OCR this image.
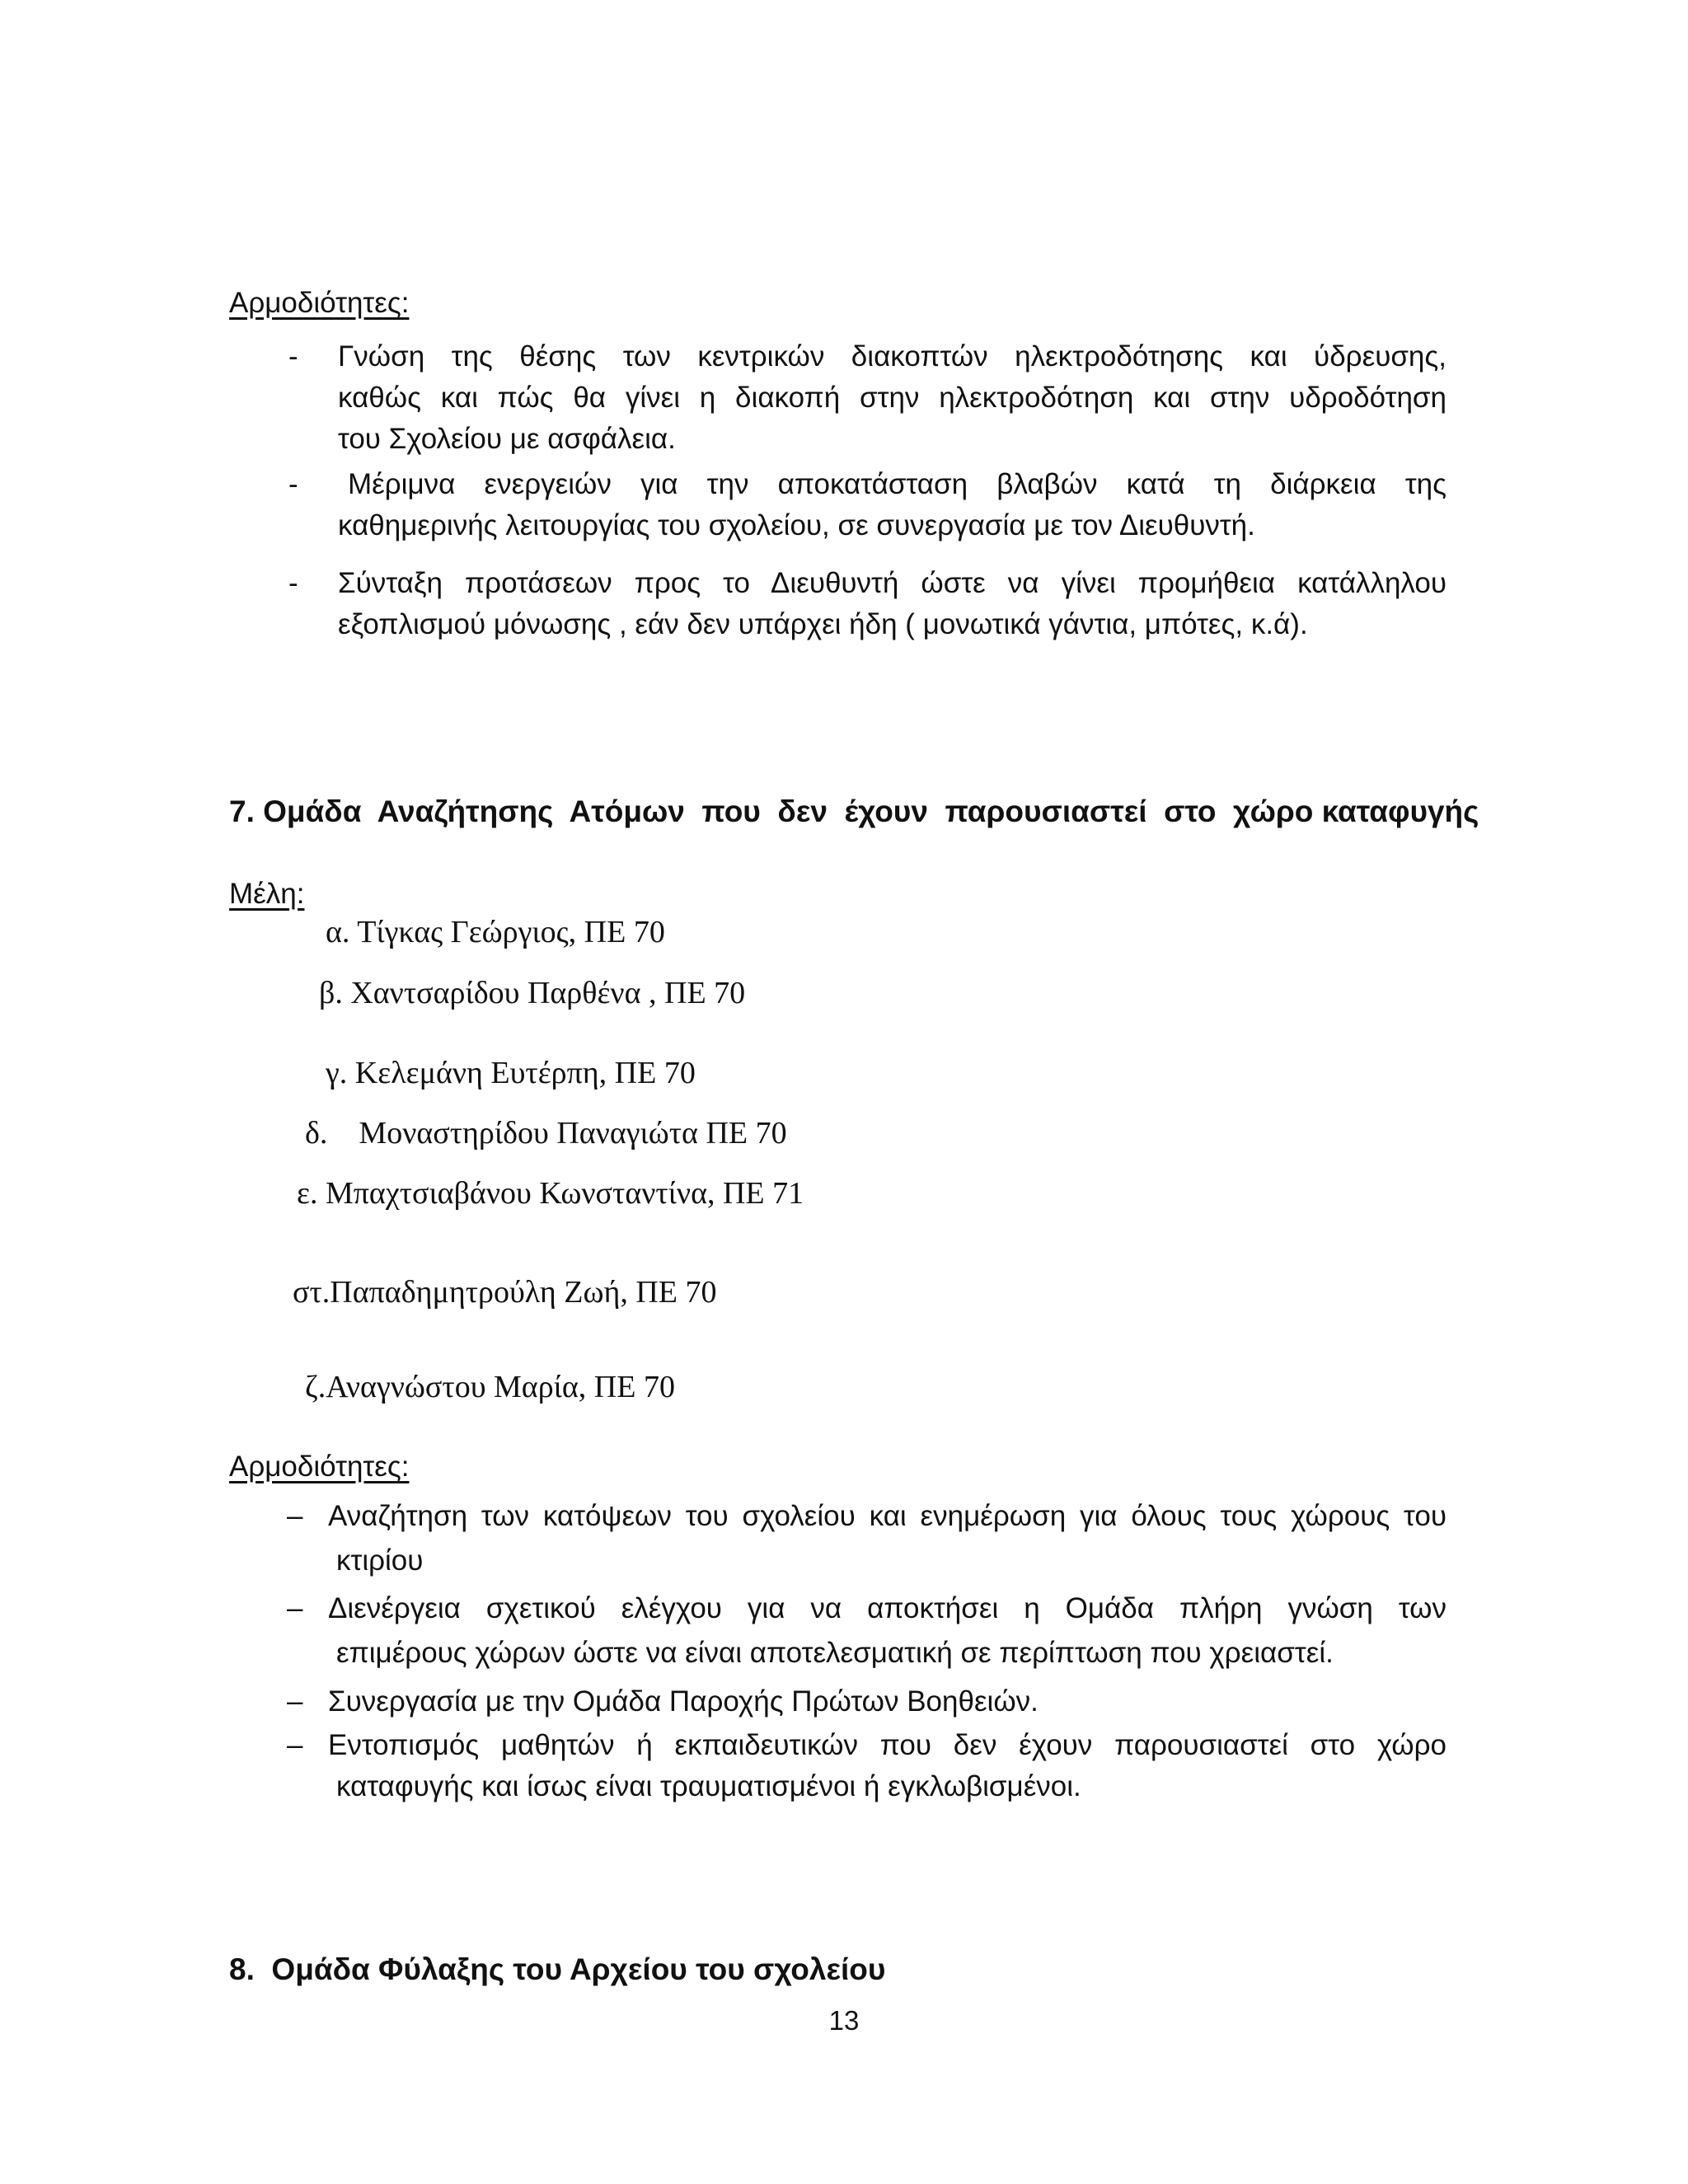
Αρμοδιότητες:
- Γνώση της θέσης των κεντρικών διακοπτών ηλεκτροδότησης και ύδρευσης,
καθώς και πώς θα γίνει η διακοπή στην ηλεκτροδότηση και στην υδροδότηση
του Σχολείου με ασφάλεια.
-	Μέριμνα ενεργειών για την αποκατάσταση βλαβών κατά τη διάρκεια της
καθημερινής λειτουργίας του σχολείου, σε συνεργασία με τον Διευθυντή.
- Σύνταξη προτάσεων προς το Διευθυντή ώστε να γίνει προμήθεια κατάλληλου
εξοπλισμού μόνωσης , εάν δεν υπάρχει ήδη ( μονωτικά γάντια, μπότες, κ.ά).
7. Ομάδα  Αναζήτησης  Ατόμων  που  δεν  έχουν  παρουσιαστεί  στο  χώρο καταφυγής
Μέλη:
α. Τίγκας Γεώργιος, ΠΕ 70
β. Χαντσαρίδου Παρθένα , ΠΕ 70
γ. Κελεμάνη Ευτέρπη, ΠΕ 70
δ.    Μοναστηρίδου Παναγιώτα ΠΕ 70
ε. Μπαχτσιαβάνου Κωνσταντίνα, ΠΕ 71
στ.Παπαδημητρούλη Ζωή, ΠΕ 70
ζ.Αναγνώστου Μαρία, ΠΕ 70
Αρμοδιότητες:
– Αναζήτηση των κατόψεων του σχολείου και ενημέρωση για όλους τους χώρους του
κτιρίου
– Διενέργεια σχετικού ελέγχου για να αποκτήσει η Ομάδα πλήρη γνώση των
επιμέρους χώρων ώστε να είναι αποτελεσματική σε περίπτωση που χρειαστεί.
– Συνεργασία με την Ομάδα Παροχής Πρώτων Βοηθειών.
– Εντοπισμός μαθητών ή εκπαιδευτικών που δεν έχουν παρουσιαστεί στο χώρο
καταφυγής και ίσως είναι τραυματισμένοι ή εγκλωβισμένοι.
8.  Ομάδα Φύλαξης του Αρχείου του σχολείου
13
